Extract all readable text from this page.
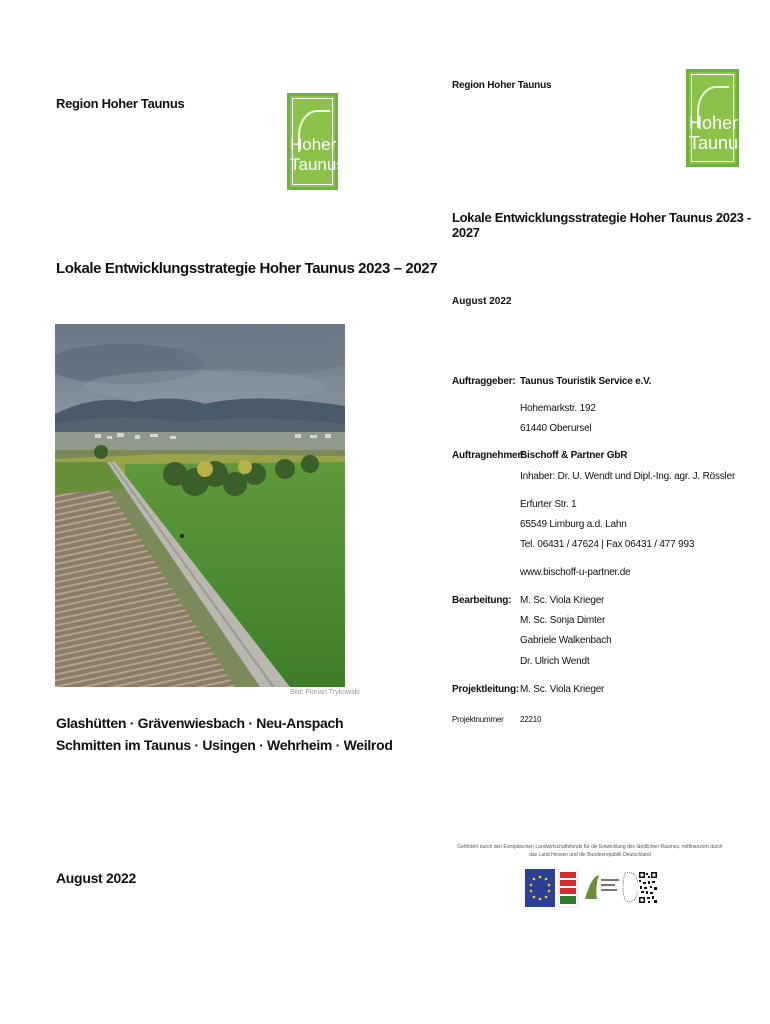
Region Hoher Taunus
Hoher
Taunus
Lokale Entwicklungsstrategie Hoher Taunus 2023 – 2027
Bild: Florian Trykowski
Glashütten · Grävenwiesbach · Neu-Anspach
Schmitten im Taunus · Usingen · Wehrheim · Weilrod
August 2022
Region Hoher Taunus
Hoher
Taunus
Lokale Entwicklungsstrategie Hoher Taunus 2023 - 2027
August 2022
Auftraggeber: Taunus Touristik Service e.V.
Hohemarkstr. 192
61440 Oberursel
Auftragnehmer:
Bischoff & Partner GbR
Inhaber: Dr. U. Wendt und Dipl.-Ing. agr. J. Rössler
Erfurter Str. 1
65549 Limburg a.d. Lahn
Tel. 06431 / 47624 | Fax 06431 / 477 993
www.bischoff-u-partner.de
Bearbeitung: M. Sc. Viola Krieger
M. Sc. Sonja Dimter
Gabriele Walkenbach
Dr. Ulrich Wendt
Projektleitung: M. Sc. Viola Krieger
Projektnummer 22210
Gefördert durch den Europäischen Landwirtschaftsfonds für die Entwicklung des ländlichen Raumes, mitfinanziert durch das Land Hessen und die Bundesrepublik Deutschland
